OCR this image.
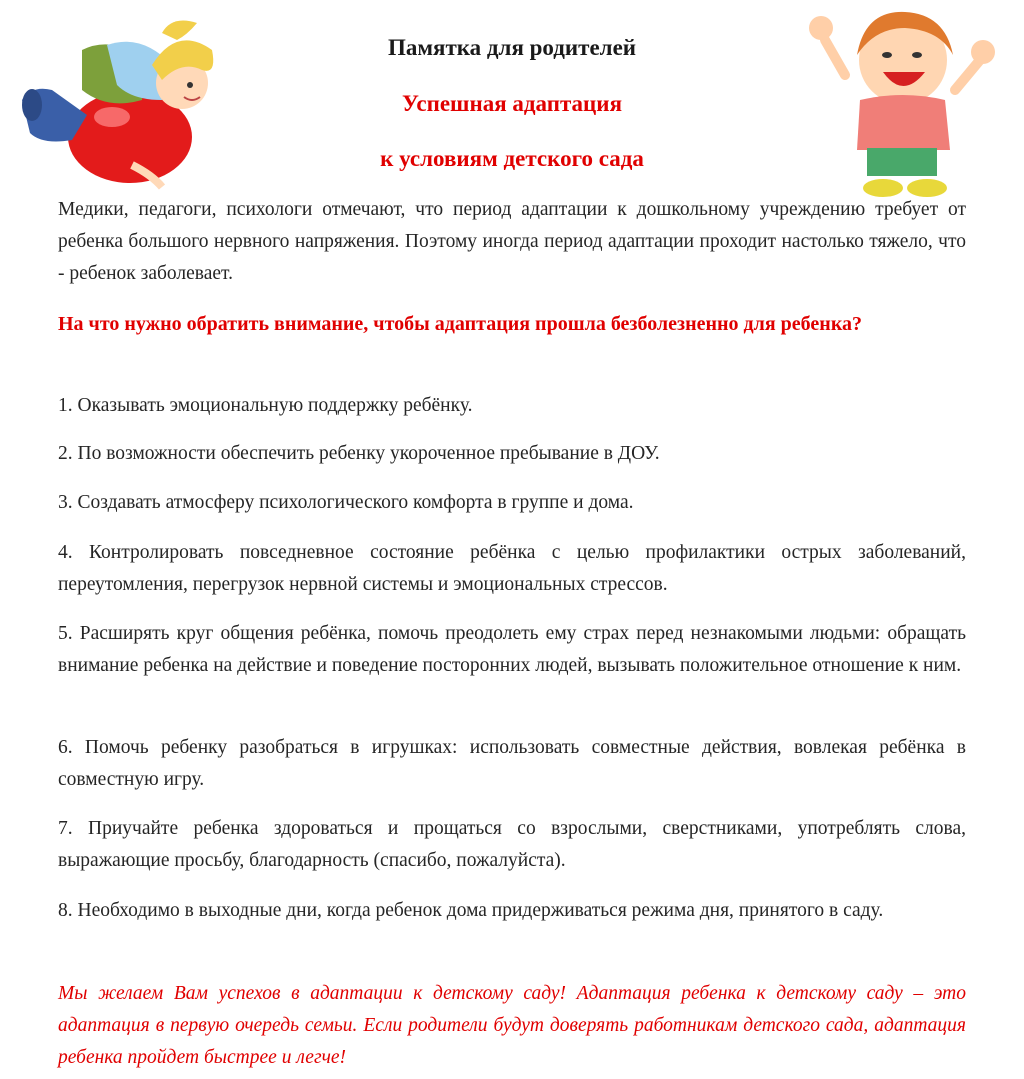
Памятка для родителей
Успешная адаптация
к условиям детского сада
Медики, педагоги, психологи отмечают, что период адаптации к дошкольному учреждению требует от ребенка большого нервного напряжения. Поэтому иногда период адаптации проходит настолько тяжело, что - ребенок заболевает.
На что нужно обратить внимание, чтобы адаптация прошла безболезненно для ребенка?
1. Оказывать эмоциональную поддержку ребёнку.
2. По возможности обеспечить ребенку укороченное пребывание в ДОУ.
3. Создавать атмосферу психологического комфорта в группе и дома.
4. Контролировать повседневное состояние ребёнка с целью профилактики острых заболеваний, переутомления, перегрузок нервной системы и эмоциональных стрессов.
5. Расширять круг общения ребёнка, помочь преодолеть ему страх перед незнакомыми людьми: обращать внимание ребенка на действие и поведение посторонних людей, вызывать положительное отношение к ним.
6. Помочь ребенку разобраться в игрушках: использовать совместные действия, вовлекая ребёнка в совместную игру.
7. Приучайте ребенка здороваться и прощаться со взрослыми, сверстниками, употреблять слова, выражающие просьбу, благодарность (спасибо, пожалуйста).
8. Необходимо в выходные дни, когда ребенок дома придерживаться режима дня, принятого в саду.
Мы желаем Вам успехов в адаптации к детскому саду! Адаптация ребенка к детскому саду – это адаптация в первую очередь семьи. Если родители будут доверять работникам детского сада, адаптация ребенка пройдет быстрее и легче!
